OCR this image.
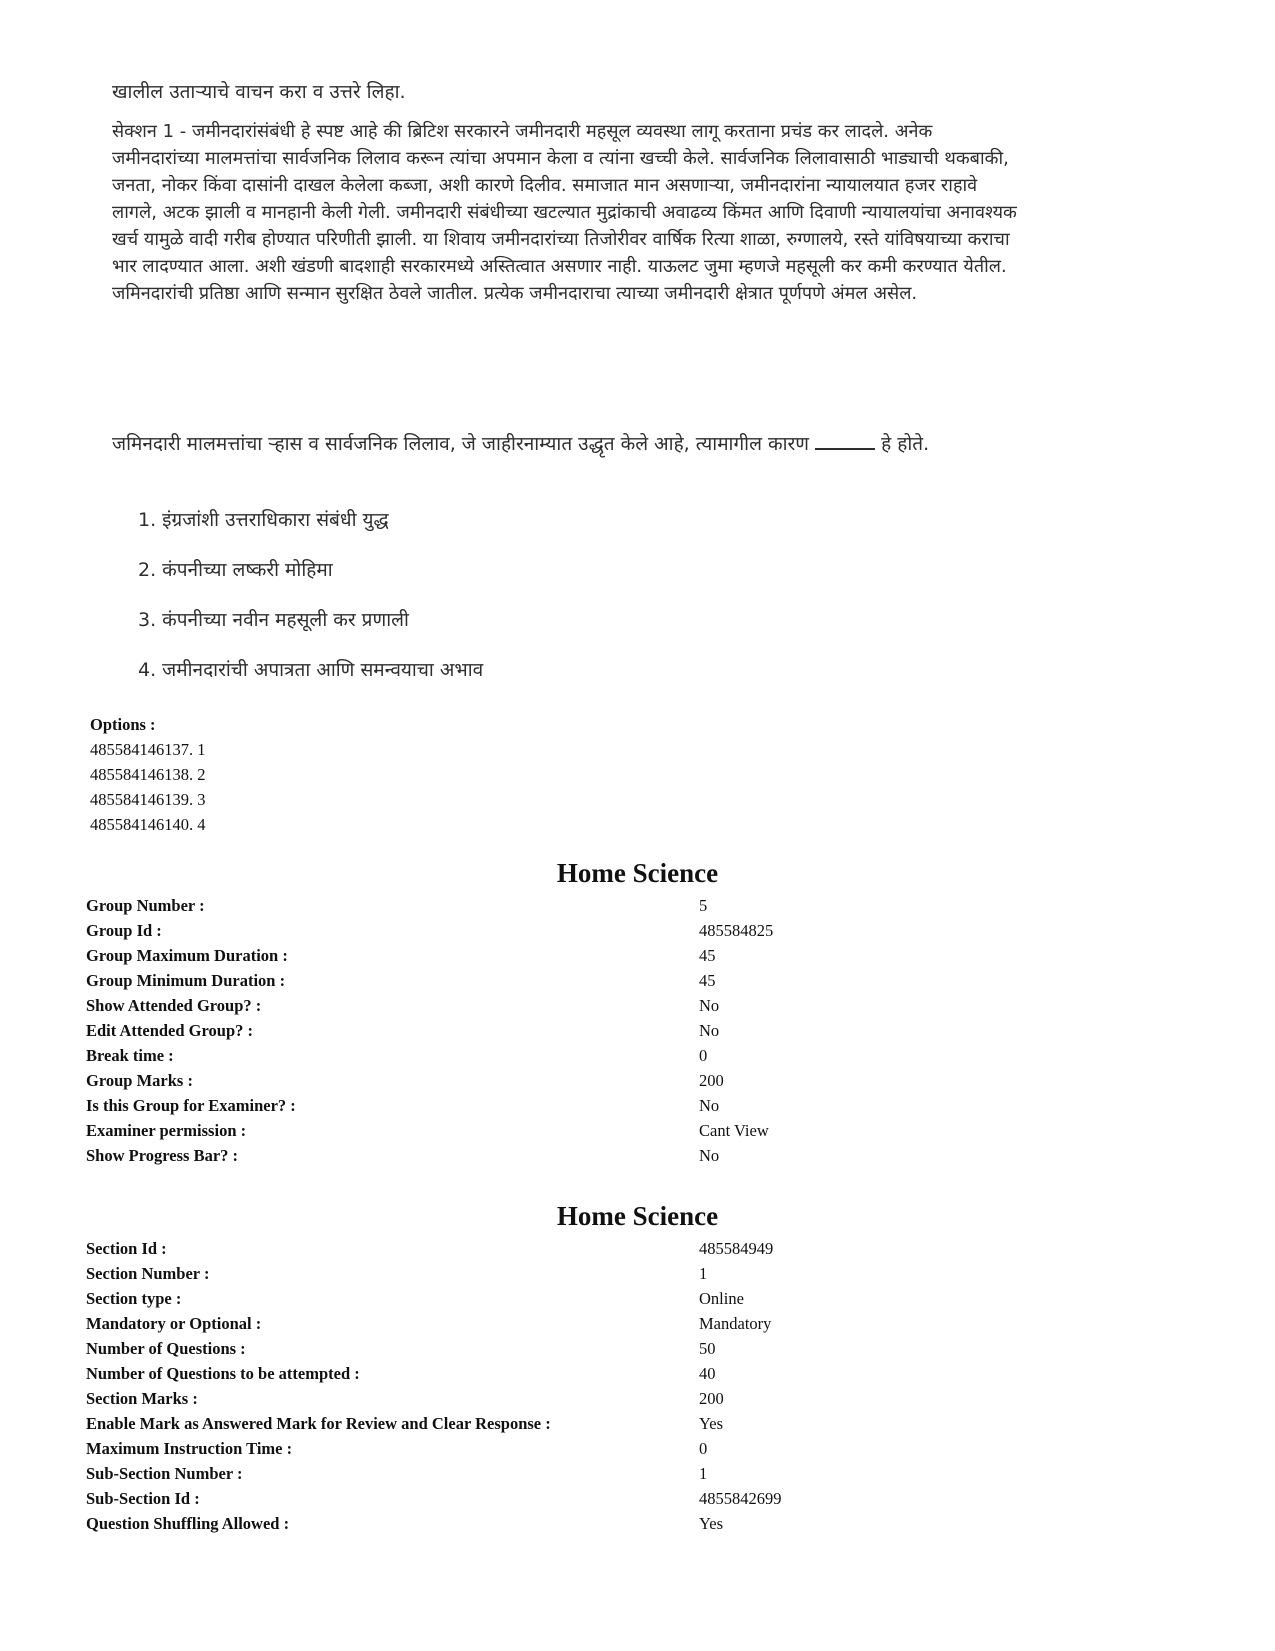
खालील उताऱ्याचे वाचन करा व उत्तरे लिहा.

सेक्शन 1 - जमीनदारांसंबंधी हे स्पष्ट आहे की ब्रिटिश सरकारने जमीनदारी महसूल व्यवस्था लागू करताना प्रचंड कर लादले. अनेक जमीनदारांच्या मालमत्तांचा सार्वजनिक लिलाव करून त्यांचा अपमान केला व त्यांना खच्ची केले. सार्वजनिक लिलावासाठी भाड्याची थकबाकी, जनता, नोकर किंवा दासांनी दाखल केलेला कब्जा, अशी कारणे दिलीव. समाजात मान असणाऱ्या, जमीनदारांना न्यायालयात हजर राहावे लागले, अटक झाली व मानहानी केली गेली. जमीनदारी संबंधीच्या खटल्यात मुद्रांकाची अवाढव्य किंमत आणि दिवाणी न्यायालयांचा अनावश्यक खर्च यामुळे वादी गरीब होण्यात परिणीती झाली. या शिवाय जमीनदारांच्या तिजोरीवर वार्षिक रित्या शाळा, रुग्णालये, रस्ते यांविषयाच्या कराचा भार लादण्यात आला. अशी खंडणी बादशाही सरकारमध्ये अस्तित्वात असणार नाही. याऊलट जुमा म्हणजे महसूली कर कमी करण्यात येतील. जमिनदारांची प्रतिष्ठा आणि सन्मान सुरक्षित ठेवले जातील. प्रत्येक जमीनदाराचा त्याच्या जमीनदारी क्षेत्रात पूर्णपणे अंमल असेल.

जमिनदारी मालमत्तांचा ऱ्हास व सार्वजनिक लिलाव, जे जाहीरनाम्यात उद्धृत केले आहे, त्यामागील कारण	हे होते.

1. इंग्रजांशी उत्तराधिकारा संबंधी युद्ध
2. कंपनीच्या लष्करी मोहिमा
3. कंपनीच्या नवीन महसूली कर प्रणाली
4. जमीनदारांची अपात्रता आणि समन्वयाचा अभाव
Options :
485584146137. 1
485584146138. 2
485584146139. 3
485584146140. 4
Home Science
Group Number :	5
Group Id :	485584825
Group Maximum Duration :	45
Group Minimum Duration :	45
Show Attended Group? :	No
Edit Attended Group? :	No
Break time :	0
Group Marks :	200
Is this Group for Examiner? :	No
Examiner permission :	Cant View
Show Progress Bar? :	No
Home Science
Section Id :	485584949
Section Number :	1
Section type :	Online
Mandatory or Optional :	Mandatory
Number of Questions :	50
Number of Questions to be attempted :	40
Section Marks :	200
Enable Mark as Answered Mark for Review and Clear Response :	Yes
Maximum Instruction Time :	0
Sub-Section Number :	1
Sub-Section Id :	4855842699
Question Shuffling Allowed :	Yes
